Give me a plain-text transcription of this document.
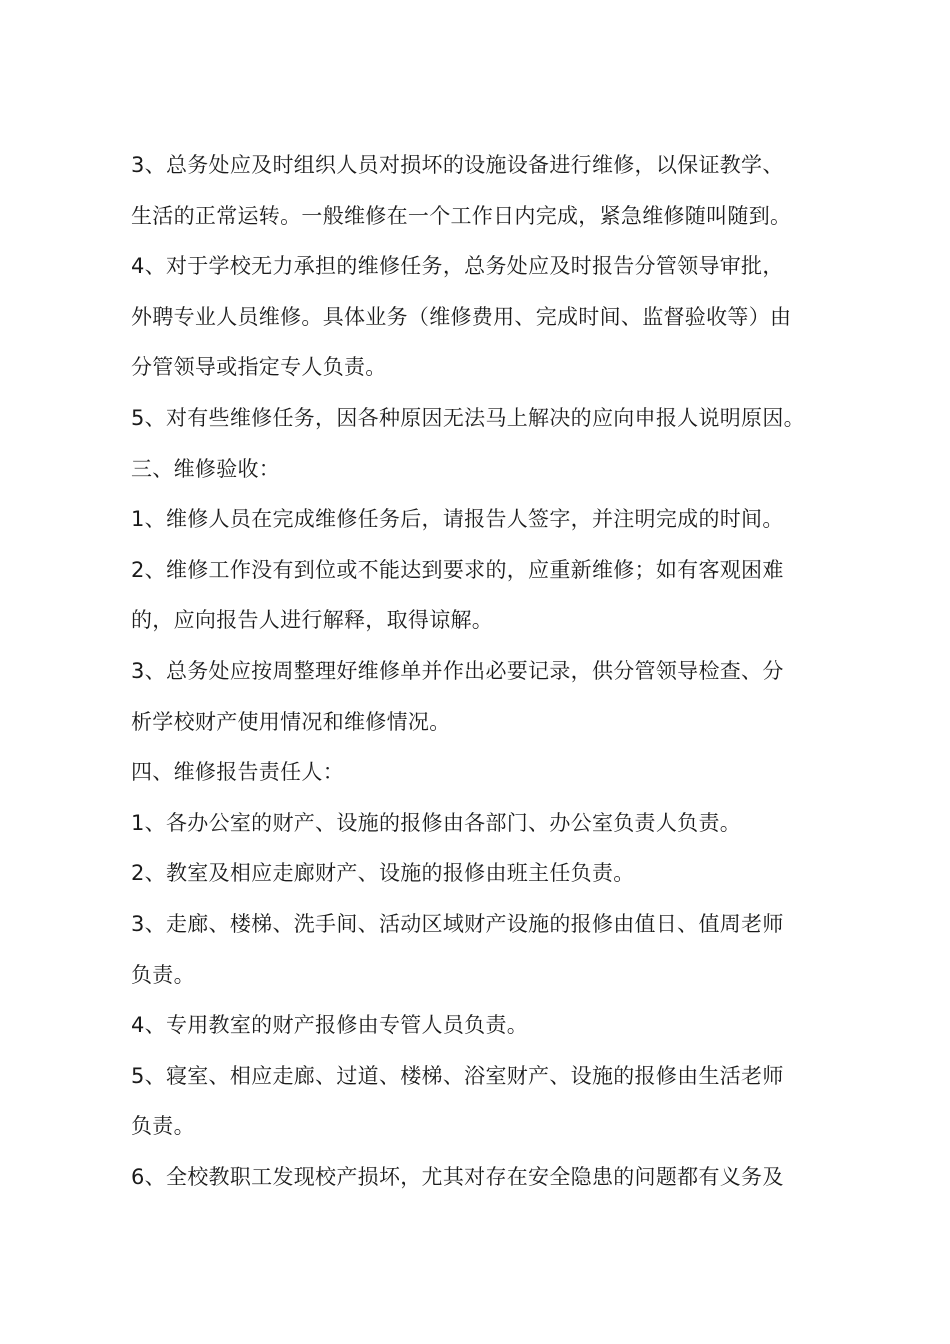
3、总务处应及时组织人员对损坏的设施设备进行维修，以保证教学、
生活的正常运转。一般维修在一个工作日内完成，紧急维修随叫随到。
4、对于学校无力承担的维修任务，总务处应及时报告分管领导审批，
外聘专业人员维修。具体业务（维修费用、完成时间、监督验收等）由
分管领导或指定专人负责。
5、对有些维修任务，因各种原因无法马上解决的应向申报人说明原因。
三、维修验收：
1、维修人员在完成维修任务后，请报告人签字，并注明完成的时间。
2、维修工作没有到位或不能达到要求的，应重新维修；如有客观困难
的，应向报告人进行解释，取得谅解。
3、总务处应按周整理好维修单并作出必要记录，供分管领导检查、分
析学校财产使用情况和维修情况。
四、维修报告责任人：
1、各办公室的财产、设施的报修由各部门、办公室负责人负责。
2、教室及相应走廊财产、设施的报修由班主任负责。
3、走廊、楼梯、洗手间、活动区域财产设施的报修由值日、值周老师
负责。
4、专用教室的财产报修由专管人员负责。
5、寝室、相应走廊、过道、楼梯、浴室财产、设施的报修由生活老师
负责。
6、全校教职工发现校产损坏，尤其对存在安全隐患的问题都有义务及
